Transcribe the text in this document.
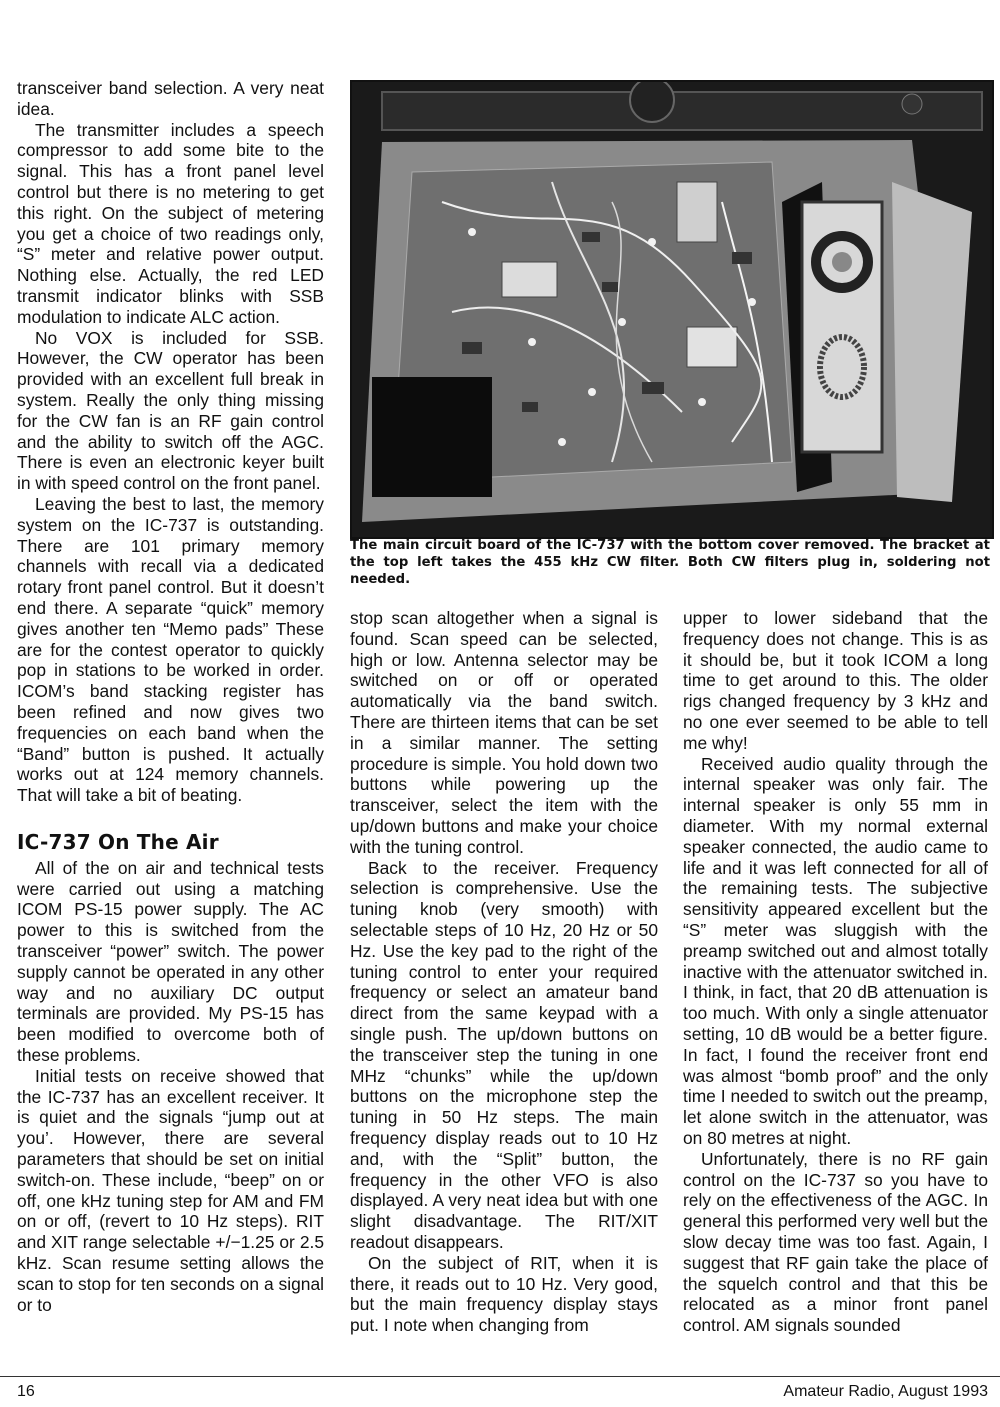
transceiver band selection. A very neat idea.

The transmitter includes a speech compressor to add some bite to the signal. This has a front panel level control but there is no metering to get this right. On the subject of metering you get a choice of two readings only, “S” meter and relative power output. Nothing else. Actually, the red LED transmit indicator blinks with SSB modulation to indicate ALC action.

No VOX is included for SSB. However, the CW operator has been provided with an excellent full break in system. Really the only thing missing for the CW fan is an RF gain control and the ability to switch off the AGC. There is even an electronic keyer built in with speed control on the front panel.

Leaving the best to last, the memory system on the IC-737 is outstanding. There are 101 primary memory channels with recall via a dedicated rotary front panel control. But it doesn’t end there. A separate “quick” memory gives another ten “Memo pads” These are for the contest operator to quickly pop in stations to be worked in order. ICOM’s band stacking register has been refined and now gives two frequencies on each band when the “Band” button is pushed. It actually works out at 124 memory channels. That will take a bit of beating.

IC-737 On The Air

All of the on air and technical tests were carried out using a matching ICOM PS-15 power supply. The AC power to this is switched from the transceiver “power” switch. The power supply cannot be operated in any other way and no auxiliary DC output terminals are provided. My PS-15 has been modified to overcome both of these problems.

Initial tests on receive showed that the IC-737 has an excellent receiver. It is quiet and the signals “jump out at you’. However, there are several parameters that should be set on initial switch-on. These include, “beep” on or off, one kHz tuning step for AM and FM on or off, (revert to 10 Hz steps). RIT and XIT range selectable +/−1.25 or 2.5 kHz. Scan resume setting allows the scan to stop for ten seconds on a signal or to

The main circuit board of the IC-737 with the bottom cover removed. The bracket at the top left takes the 455 kHz CW filter. Both CW filters plug in, soldering not needed.

stop scan altogether when a signal is found. Scan speed can be selected, high or low. Antenna selector may be switched on or off or operated automatically via the band switch. There are thirteen items that can be set in a similar manner. The setting procedure is simple. You hold down two buttons while powering up the transceiver, select the item with the up/down buttons and make your choice with the tuning control.

Back to the receiver. Frequency selection is comprehensive. Use the tuning knob (very smooth) with selectable steps of 10 Hz, 20 Hz or 50 Hz. Use the key pad to the right of the tuning control to enter your required frequency or select an amateur band direct from the same keypad with a single push. The up/down buttons on the transceiver step the tuning in one MHz “chunks” while the up/down buttons on the microphone step the tuning in 50 Hz steps. The main frequency display reads out to 10 Hz and, with the “Split” button, the frequency in the other VFO is also displayed. A very neat idea but with one slight disadvantage. The RIT/XIT readout disappears.

On the subject of RIT, when it is there, it reads out to 10 Hz. Very good, but the main frequency display stays put. I note when changing from

upper to lower sideband that the frequency does not change. This is as it should be, but it took ICOM a long time to get around to this. The older rigs changed frequency by 3 kHz and no one ever seemed to be able to tell me why!

Received audio quality through the internal speaker was only fair. The internal speaker is only 55 mm in diameter. With my normal external speaker connected, the audio came to life and it was left connected for all of the remaining tests. The subjective sensitivity appeared excellent but the “S” meter was sluggish with the preamp switched out and almost totally inactive with the attenuator switched in. I think, in fact, that 20 dB attenuation is too much. With only a single attenuator setting, 10 dB would be a better figure. In fact, I found the receiver front end was almost “bomb proof” and the only time I needed to switch out the preamp, let alone switch in the attenuator, was on 80 metres at night.

Unfortunately, there is no RF gain control on the IC-737 so you have to rely on the effectiveness of the AGC. In general this performed very well but the slow decay time was too fast. Again, I suggest that RF gain take the place of the squelch control and that this be relocated as a minor front panel control. AM signals sounded

16	Amateur Radio, August 1993
